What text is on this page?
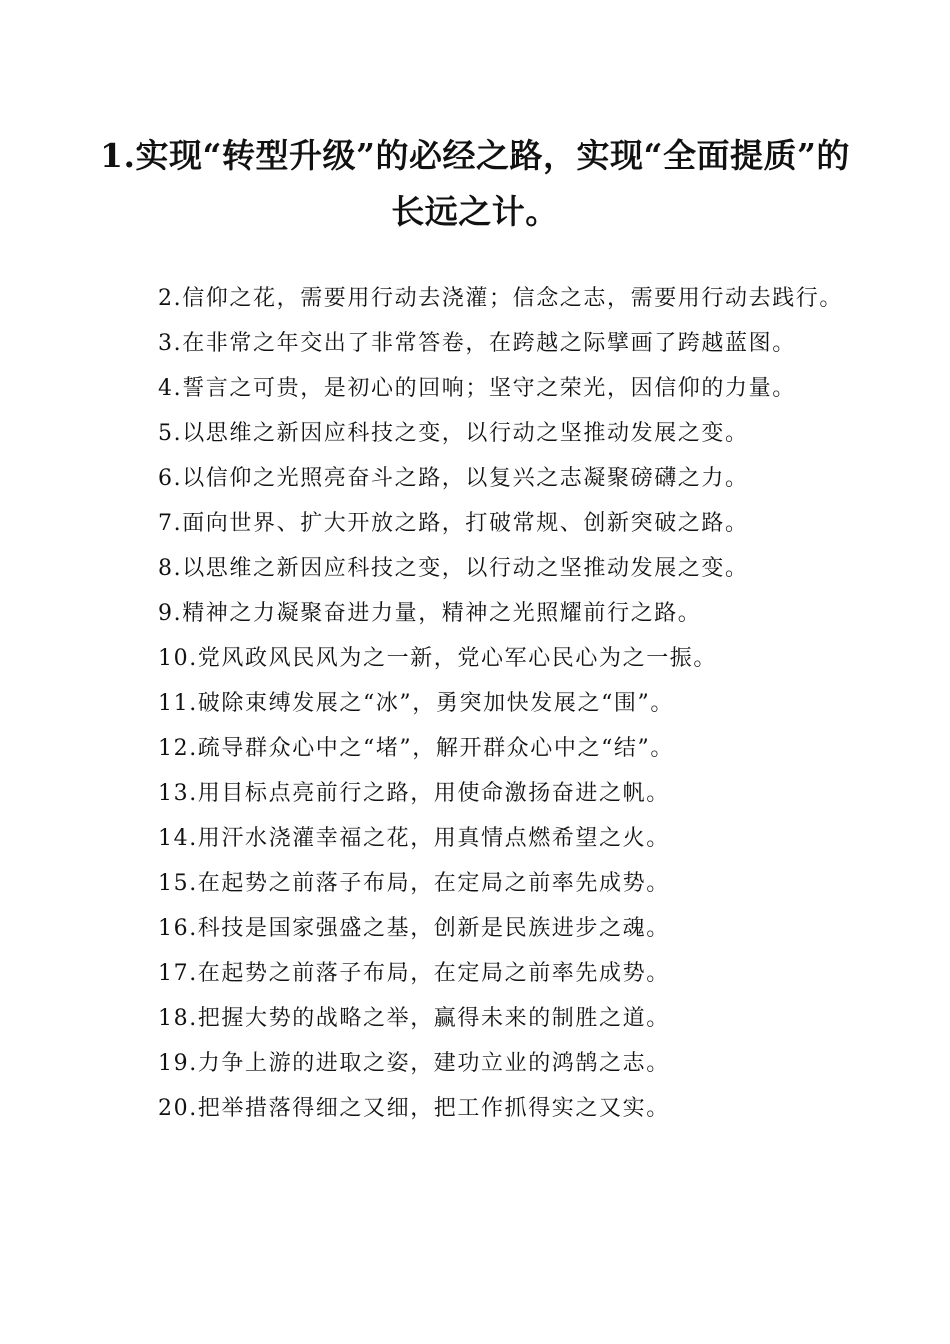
1.实现“转型升级”的必经之路，实现“全面提质”的长远之计。
2.信仰之花，需要用行动去浇灌；信念之志，需要用行动去践行。
3.在非常之年交出了非常答卷，在跨越之际擘画了跨越蓝图。
4.誓言之可贵，是初心的回响；坚守之荣光，因信仰的力量。
5.以思维之新因应科技之变，以行动之坚推动发展之变。
6.以信仰之光照亮奋斗之路，以复兴之志凝聚磅礴之力。
7.面向世界、扩大开放之路，打破常规、创新突破之路。
8.以思维之新因应科技之变，以行动之坚推动发展之变。
9.精神之力凝聚奋进力量，精神之光照耀前行之路。
10.党风政风民风为之一新，党心军心民心为之一振。
11.破除束缚发展之“冰”，勇突加快发展之“围”。
12.疏导群众心中之“堵”，解开群众心中之“结”。
13.用目标点亮前行之路，用使命激扬奋进之帆。
14.用汗水浇灌幸福之花，用真情点燃希望之火。
15.在起势之前落子布局，在定局之前率先成势。
16.科技是国家强盛之基，创新是民族进步之魂。
17.在起势之前落子布局，在定局之前率先成势。
18.把握大势的战略之举，赢得未来的制胜之道。
19.力争上游的进取之姿，建功立业的鸿鹄之志。
20.把举措落得细之又细，把工作抓得实之又实。
